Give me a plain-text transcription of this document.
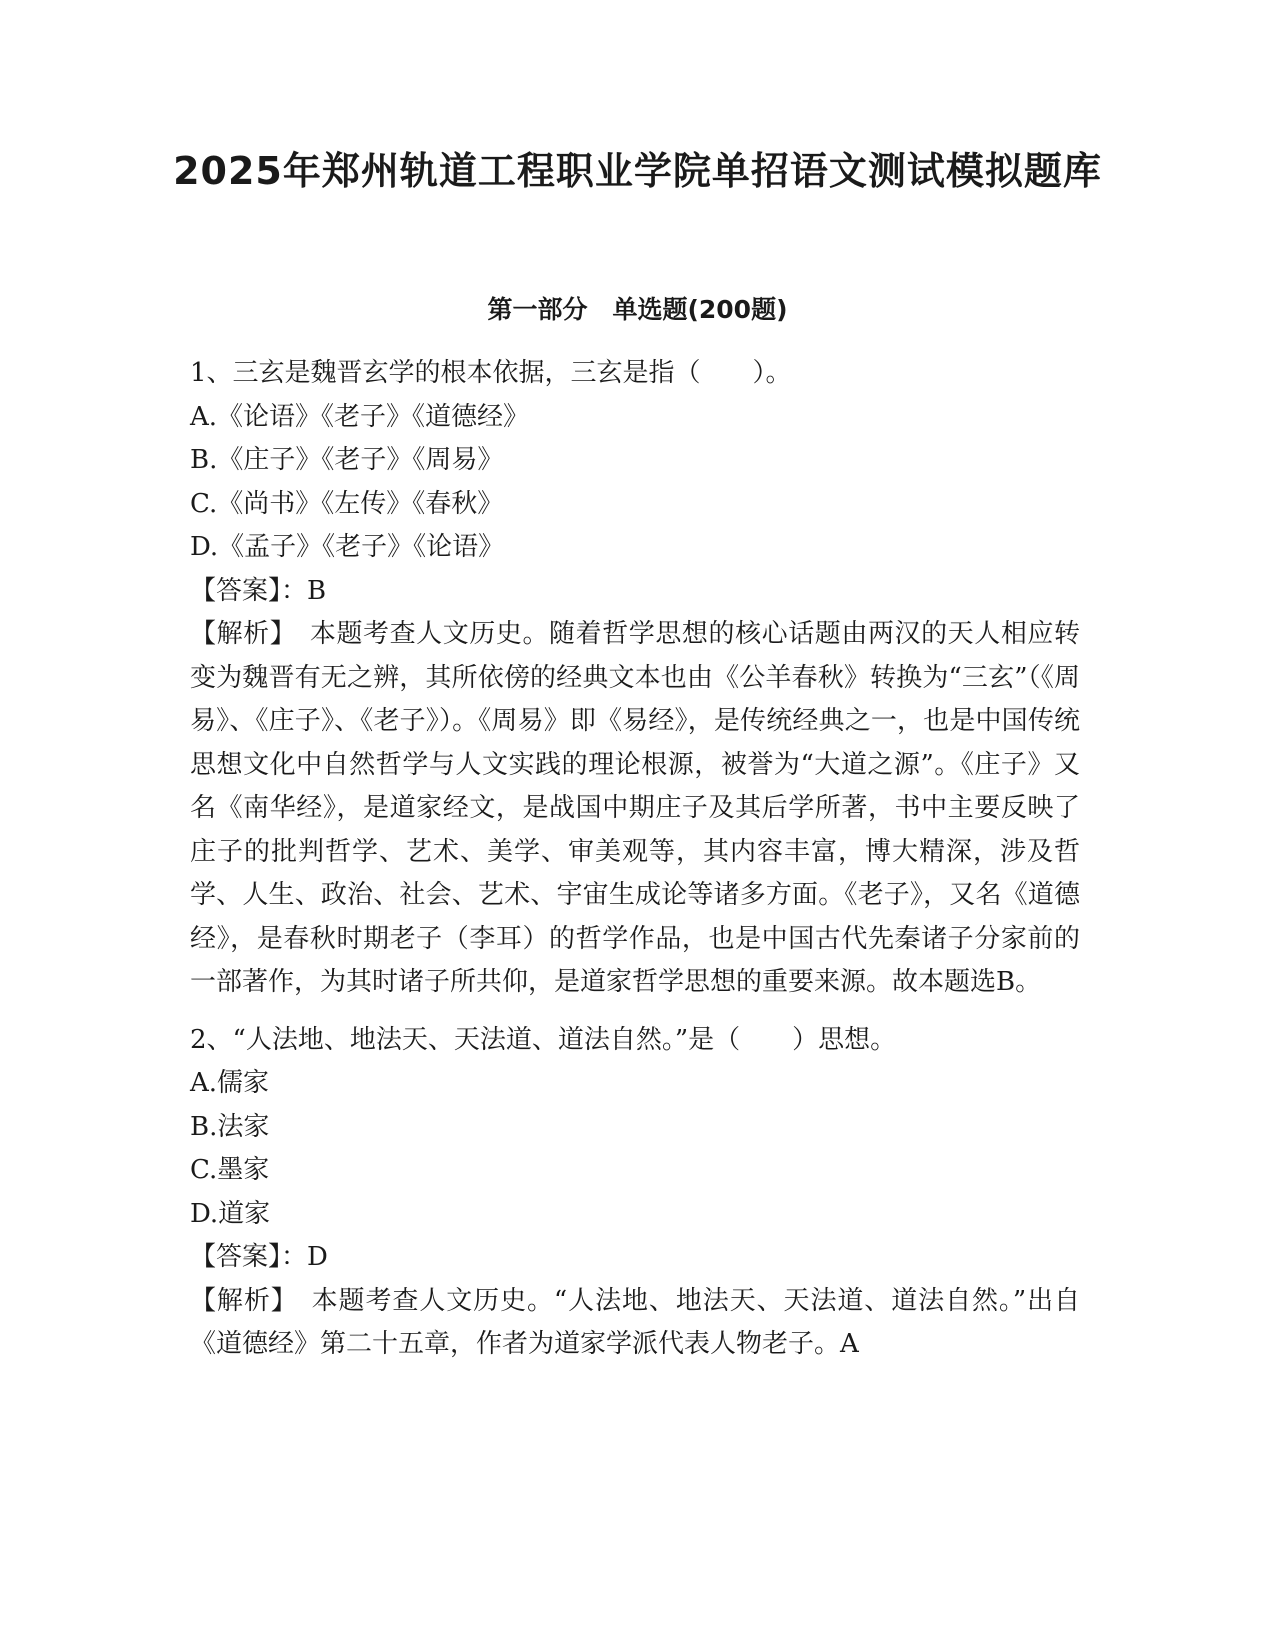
2025年郑州轨道工程职业学院单招语文测试模拟题库
第一部分　单选题(200题)
1、三玄是魏晋玄学的根本依据，三玄是指（　　）。
A.《论语》《老子》《道德经》
B.《庄子》《老子》《周易》
C.《尚书》《左传》《春秋》
D.《孟子》《老子》《论语》
【答案】：B
【解析】　本题考查人文历史。随着哲学思想的核心话题由两汉的天人相应转变为魏晋有无之辨，其所依傍的经典文本也由《公羊春秋》转换为“三玄”（《周易》、《庄子》、《老子》）。《周易》即《易经》，是传统经典之一，也是中国传统思想文化中自然哲学与人文实践的理论根源，被誉为“大道之源”。《庄子》又名《南华经》，是道家经文，是战国中期庄子及其后学所著，书中主要反映了庄子的批判哲学、艺术、美学、审美观等，其内容丰富，博大精深，涉及哲学、人生、政治、社会、艺术、宇宙生成论等诸多方面。《老子》，又名《道德经》，是春秋时期老子（李耳）的哲学作品，也是中国古代先秦诸子分家前的一部著作，为其时诸子所共仰，是道家哲学思想的重要来源。故本题选B。
2、“人法地、地法天、天法道、道法自然。”是（　　）思想。
A.儒家
B.法家
C.墨家
D.道家
【答案】：D
【解析】　本题考查人文历史。“人法地、地法天、天法道、道法自然。”出自《道德经》第二十五章，作者为道家学派代表人物老子。A
